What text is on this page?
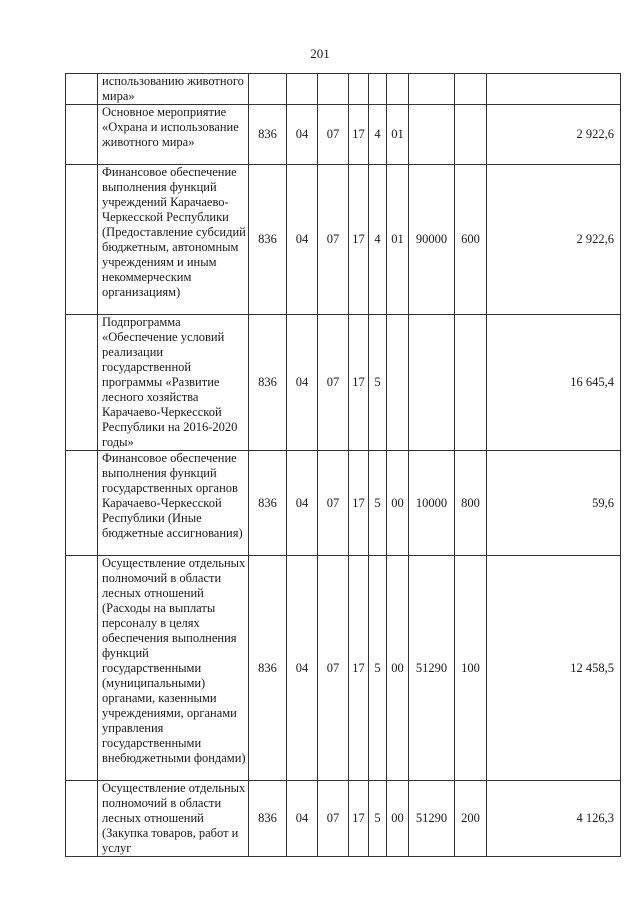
201
	использованию животного мира»									
	Основное мероприятие «Охрана и использование животного мира»	836	04	07	17	4	01			2 922,6
	Финансовое обеспечение выполнения функций учреждений Карачаево-Черкесской Республики (Предоставление субсидий бюджетным, автономным учреждениям и иным некоммерческим организациям)	836	04	07	17	4	01	90000	600	2 922,6
	Подпрограмма «Обеспечение условий реализации государственной программы «Развитие лесного хозяйства Карачаево-Черкесской Республики на 2016-2020 годы»	836	04	07	17	5				16 645,4
	Финансовое обеспечение выполнения функций государственных органов Карачаево-Черкесской Республики (Иные бюджетные ассигнования)	836	04	07	17	5	00	10000	800	59,6
	Осуществление отдельных полномочий в области лесных отношений (Расходы на выплаты персоналу в целях обеспечения выполнения функций государственными (муниципальными) органами, казенными учреждениями, органами управления государственными внебюджетными фондами)	836	04	07	17	5	00	51290	100	12 458,5
	Осуществление отдельных полномочий в области лесных отношений (Закупка товаров, работ и услуг	836	04	07	17	5	00	51290	200	4 126,3
